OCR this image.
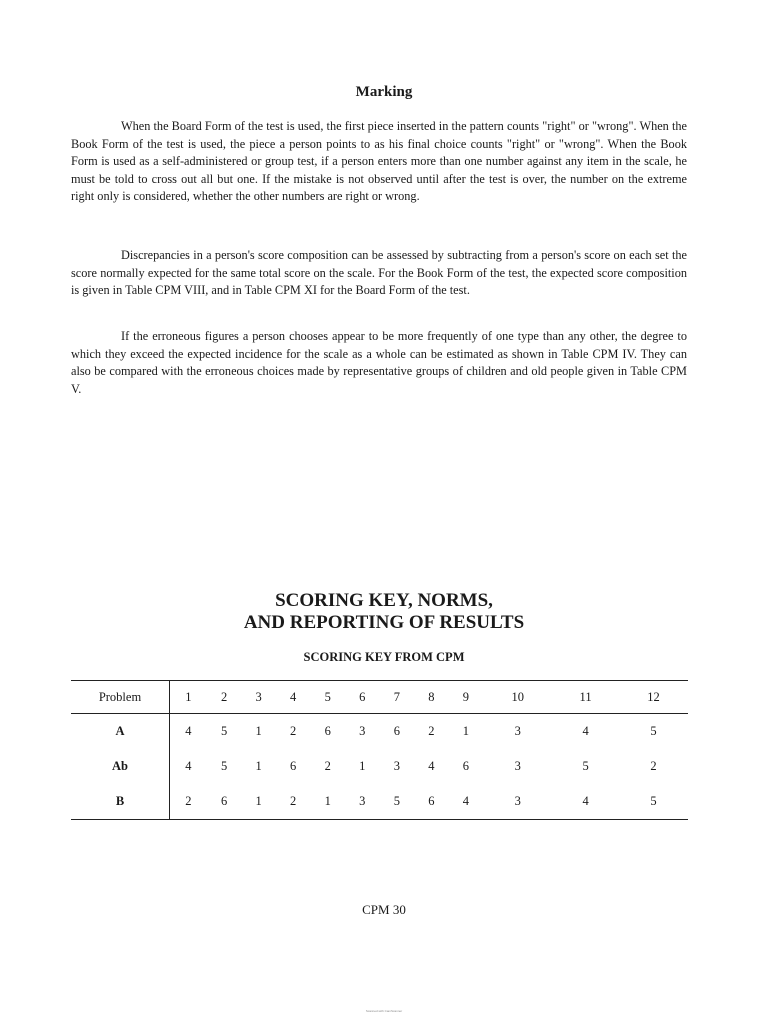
Marking

When the Board Form of the test is used, the first piece inserted in the pattern counts "right" or "wrong". When the Book Form of the test is used, the piece a person points to as his final choice counts "right" or "wrong". When the Book Form is used as a self-administered or group test, if a person enters more than one number against any item in the scale, he must be told to cross out all but one. If the mistake is not observed until after the test is over, the number on the extreme right only is considered, whether the other numbers are right or wrong.

Discrepancies in a person's score composition can be assessed by subtracting from a person's score on each set the score normally expected for the same total score on the scale. For the Book Form of the test, the expected score composition is given in Table CPM VIII, and in Table CPM XI for the Board Form of the test.

If the erroneous figures a person chooses appear to be more frequently of one type than any other, the degree to which they exceed the expected incidence for the scale as a whole can be estimated as shown in Table CPM IV. They can also be compared with the erroneous choices made by representative groups of children and old people given in Table CPM V.

SCORING KEY, NORMS,
AND REPORTING OF RESULTS
SCORING KEY FROM CPM
Problem	1	2	3	4	5	6	7	8	9	10	11	12
A	4	5	1	2	6	3	6	2	1	3	4	5
Ab	4	5	1	6	2	1	3	4	6	3	5	2
B	2	6	1	2	1	3	5	6	4	3	4	5
CPM 30
Scanned with CamScanner
